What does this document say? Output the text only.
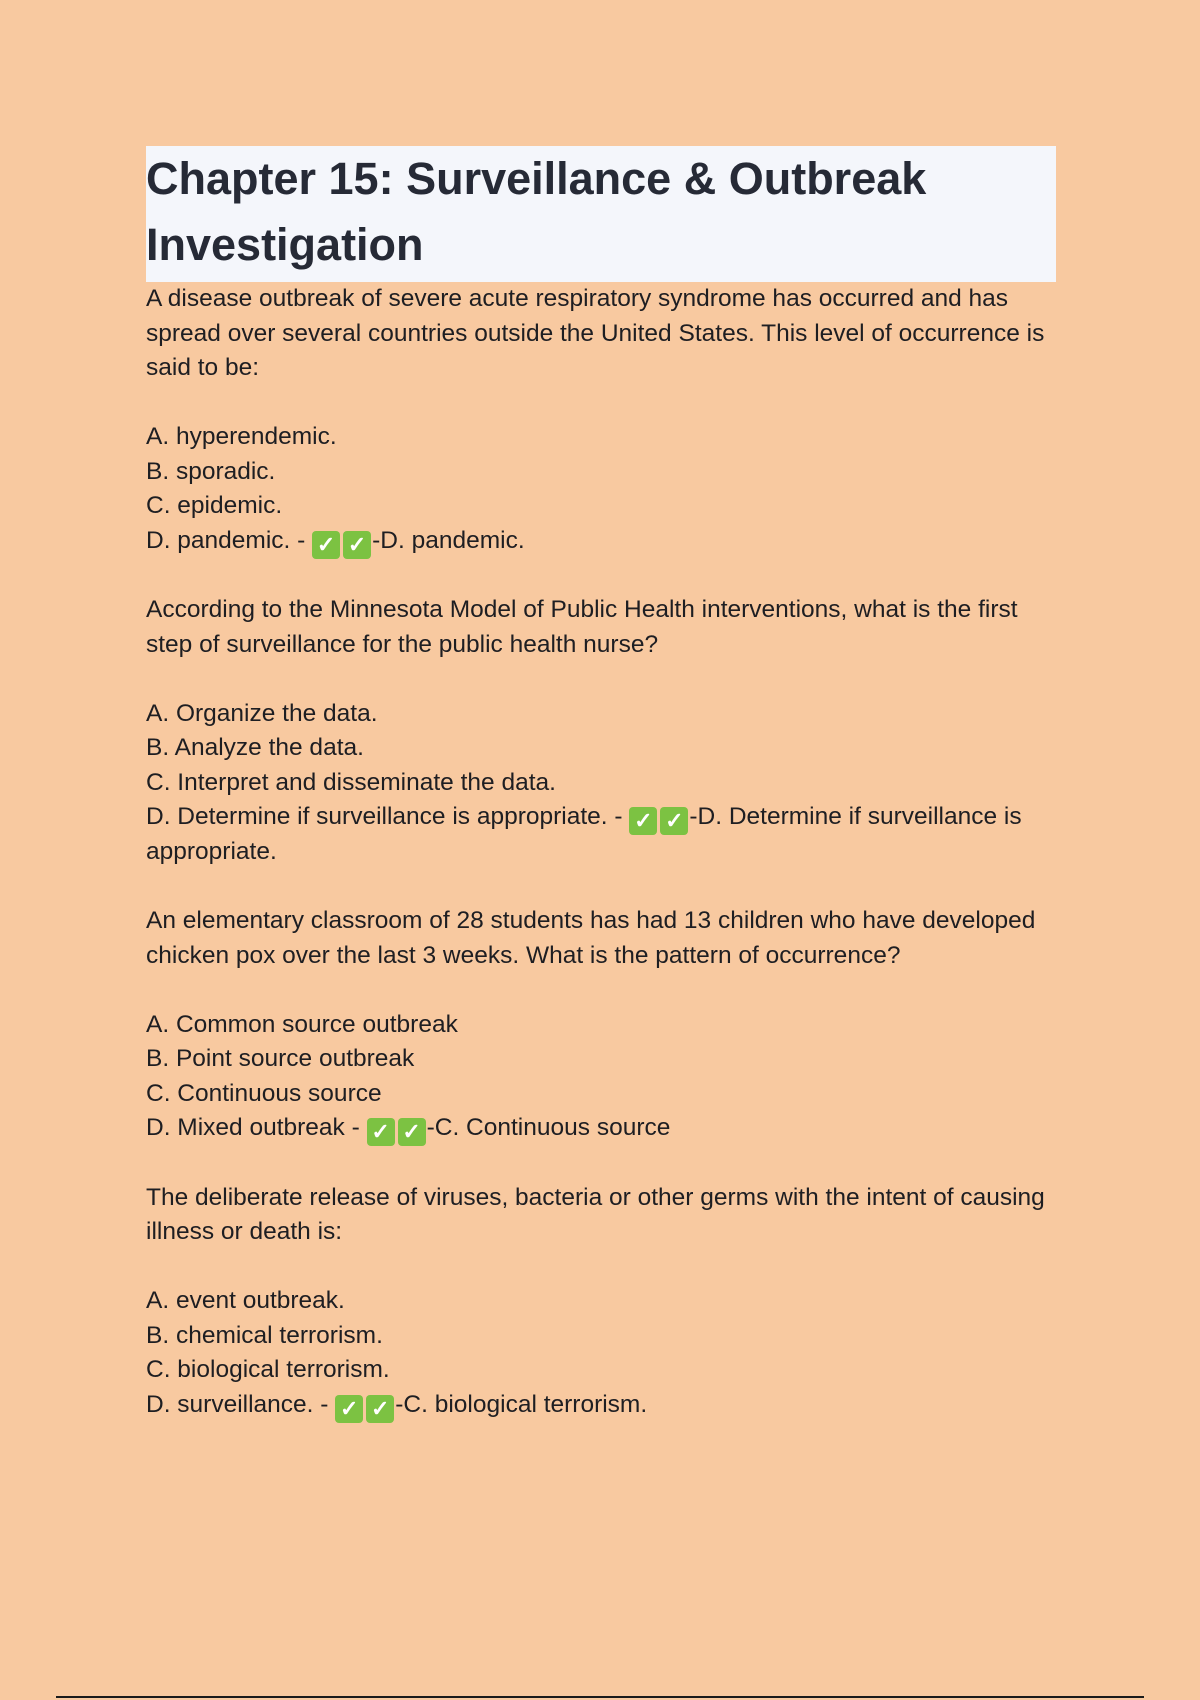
Chapter 15: Surveillance & Outbreak Investigation

A disease outbreak of severe acute respiratory syndrome has occurred and has spread over several countries outside the United States. This level of occurrence is said to be:

A. hyperendemic.
B. sporadic.
C. epidemic.
D. pandemic. - ✓ ✓ -D. pandemic.

According to the Minnesota Model of Public Health interventions, what is the first step of surveillance for the public health nurse?

A. Organize the data.
B. Analyze the data.
C. Interpret and disseminate the data.
D. Determine if surveillance is appropriate. - ✓ ✓ -D. Determine if surveillance is appropriate.

An elementary classroom of 28 students has had 13 children who have developed chicken pox over the last 3 weeks. What is the pattern of occurrence?

A. Common source outbreak
B. Point source outbreak
C. Continuous source
D. Mixed outbreak - ✓ ✓ -C. Continuous source

The deliberate release of viruses, bacteria or other germs with the intent of causing illness or death is:

A. event outbreak.
B. chemical terrorism.
C. biological terrorism.
D. surveillance. - ✓ ✓ -C. biological terrorism.
